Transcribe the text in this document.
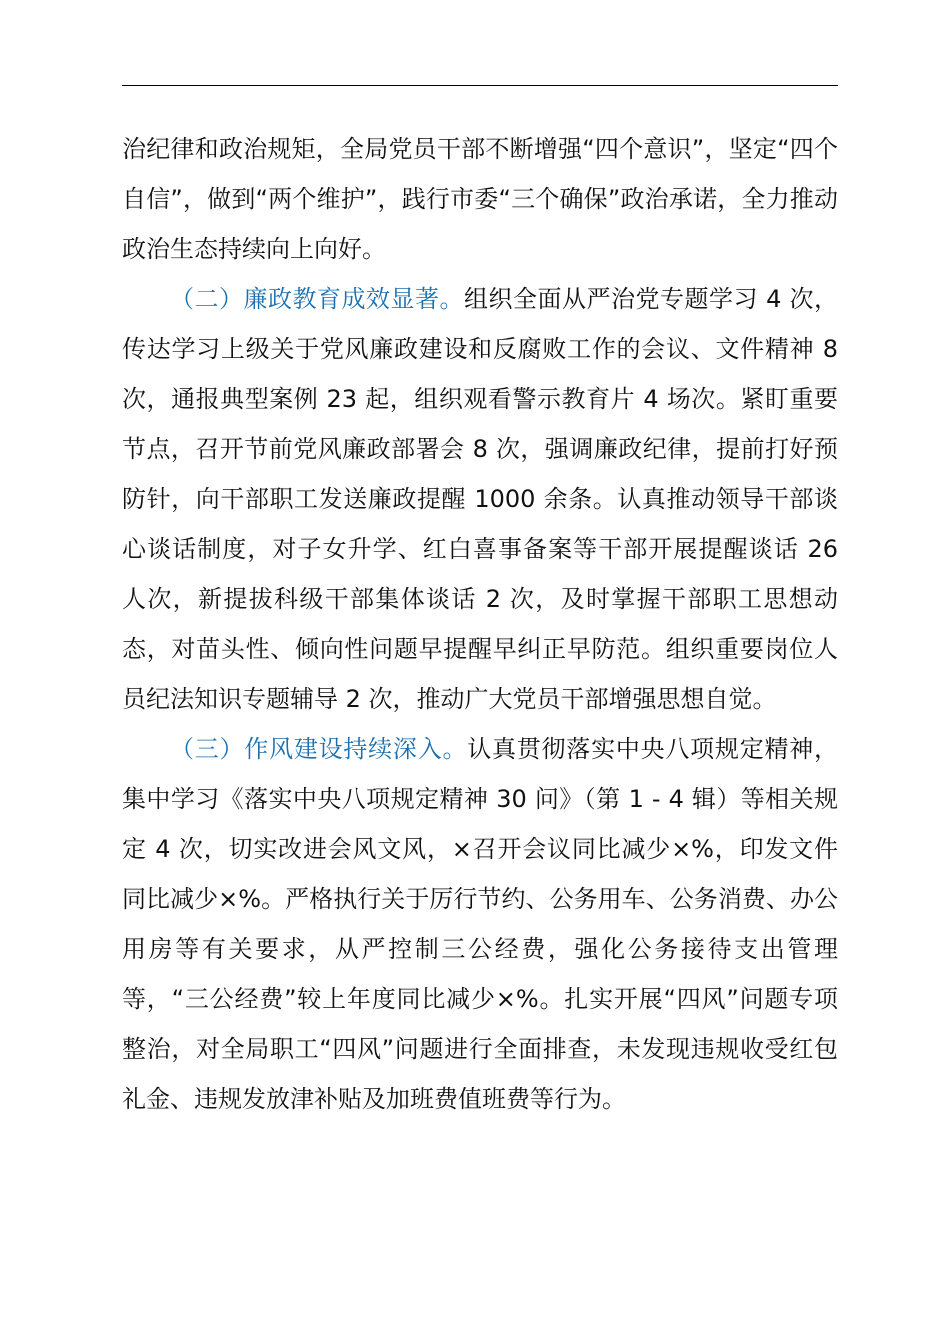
治纪律和政治规矩，全局党员干部不断增强“四个意识”，坚定“四个自信”，做到“两个维护”，践行市委“三个确保”政治承诺，全力推动政治生态持续向上向好。

（二）廉政教育成效显著。组织全面从严治党专题学习 4 次，传达学习上级关于党风廉政建设和反腐败工作的会议、文件精神 8 次，通报典型案例 23 起，组织观看警示教育片 4 场次。紧盯重要节点，召开节前党风廉政部署会 8 次，强调廉政纪律，提前打好预防针，向干部职工发送廉政提醒 1000 余条。认真推动领导干部谈心谈话制度，对子女升学、红白喜事备案等干部开展提醒谈话 26 人次，新提拔科级干部集体谈话 2 次，及时掌握干部职工思想动态，对苗头性、倾向性问题早提醒早纠正早防范。组织重要岗位人员纪法知识专题辅导 2 次，推动广大党员干部增强思想自觉。

（三）作风建设持续深入。认真贯彻落实中央八项规定精神，集中学习《落实中央八项规定精神 30 问》（第 1 - 4 辑）等相关规定 4 次，切实改进会风文风，×召开会议同比减少×%，印发文件同比减少×%。严格执行关于厉行节约、公务用车、公务消费、办公用房等有关要求，从严控制三公经费，强化公务接待支出管理等，“三公经费”较上年度同比减少×%。扎实开展“四风”问题专项整治，对全局职工“四风”问题进行全面排查，未发现违规收受红包礼金、违规发放津补贴及加班费值班费等行为。
